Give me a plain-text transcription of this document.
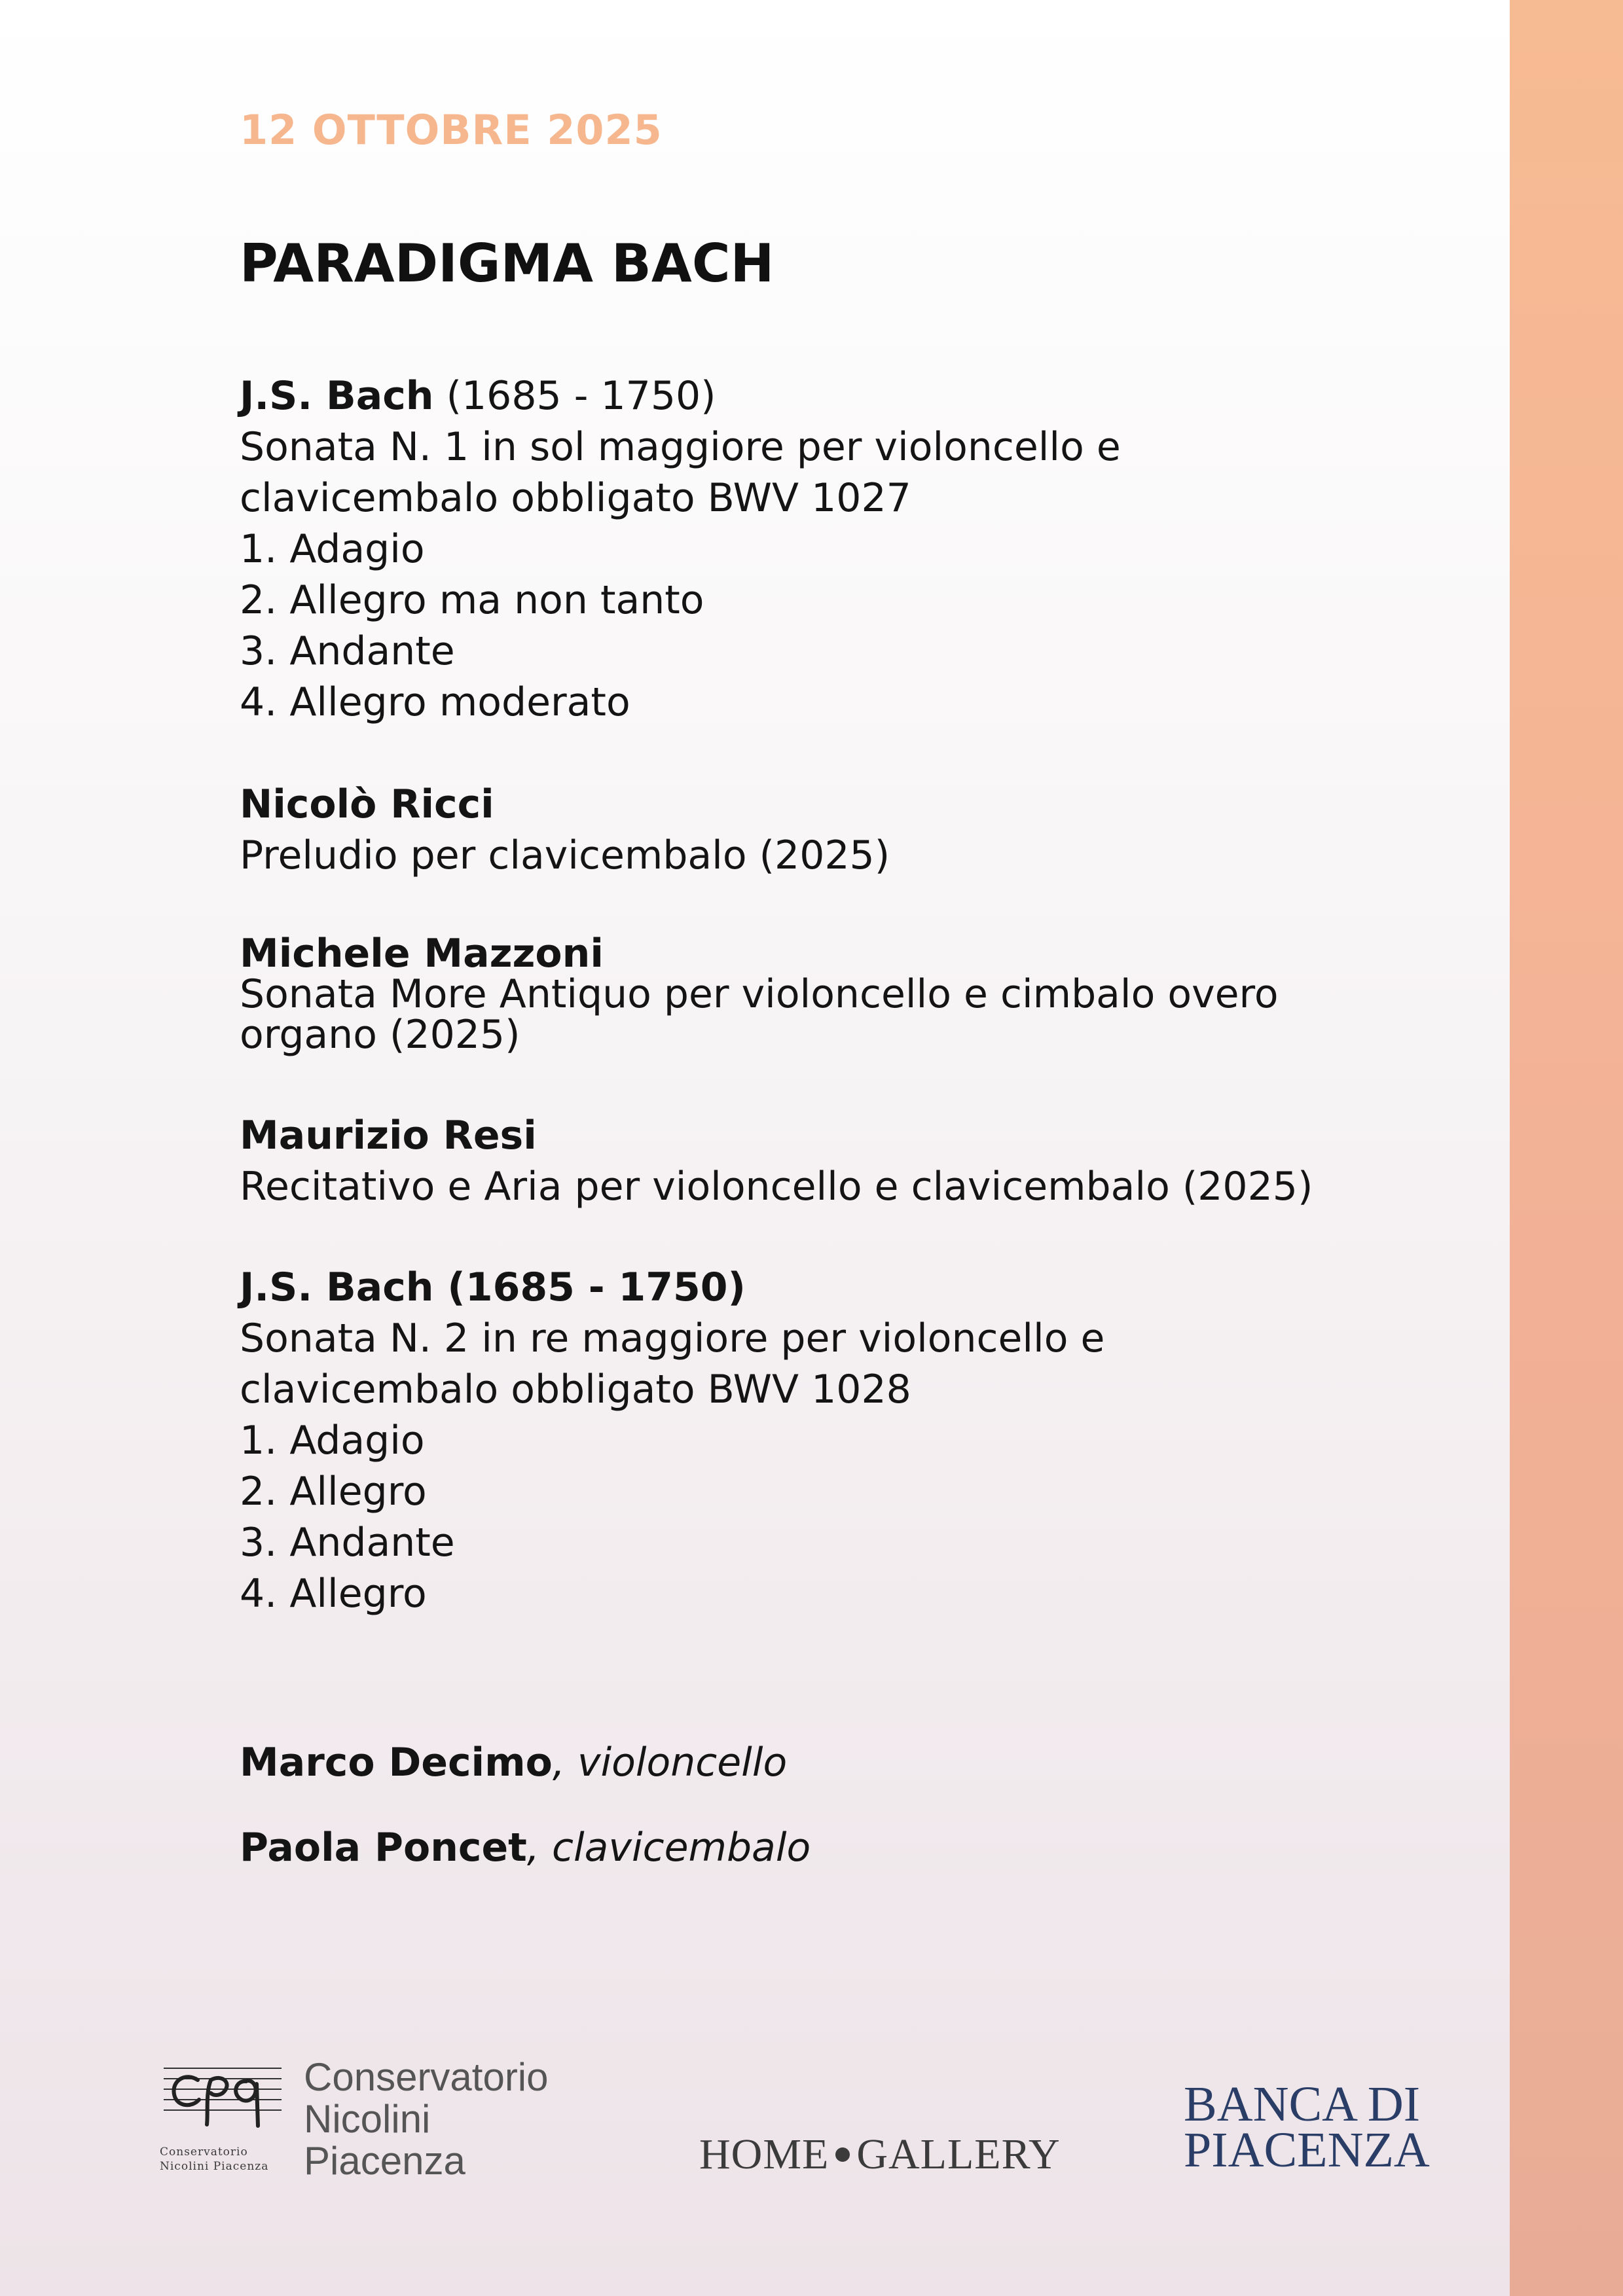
12 OTTOBRE 2025
PARADIGMA BACH
J.S. Bach (1685 - 1750)
Sonata N. 1 in sol maggiore per violoncello e
clavicembalo obbligato BWV 1027
1. Adagio
2. Allegro ma non tanto
3. Andante
4. Allegro moderato
Nicolò Ricci
Preludio per clavicembalo (2025)
Michele Mazzoni
Sonata More Antiquo per violoncello e cimbalo overo
organo (2025)
Maurizio Resi
Recitativo e Aria per violoncello e clavicembalo (2025)
J.S. Bach (1685 - 1750)
Sonata N. 2 in re maggiore per violoncello e
clavicembalo obbligato BWV 1028
1. Adagio
2. Allegro
3. Andante
4. Allegro
Marco Decimo, violoncello
Paola Poncet, clavicembalo
Conservatorio
Nicolini Piacenza
Conservatorio
Nicolini
Piacenza	HOME GALLERY
BANCA DI
PIACENZA
